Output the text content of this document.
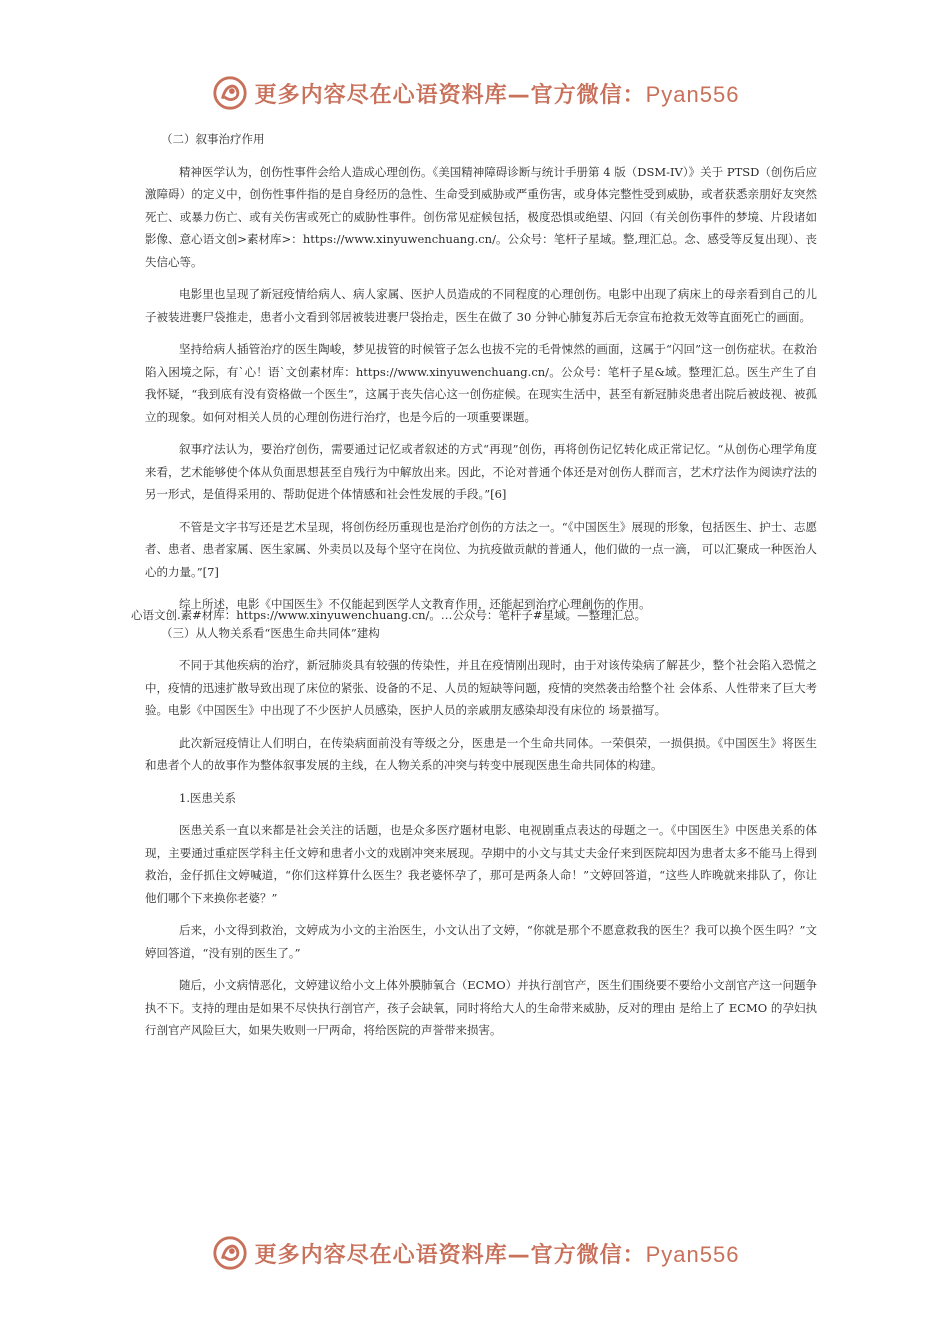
更多内容尽在心语资料库—官方微信：Pyan556
（二）叙事治疗作用
精神医学认为，创伤性事件会给人造成心理创伤。《美国精神障碍诊断与统计手册第 4 版（DSM-IV）》关于 PTSD（创伤后应激障碍）的定义中，创伤性事件指的是自身经历的急性、生命受到威胁或严重伤害，或身体完整性受到威胁，或者获悉亲朋好友突然死亡、或暴力伤亡、或有关伤害或死亡的威胁性事件。创伤常见症候包括，极度恐惧或绝望、闪回（有关创伤事件的梦境、片段诸如影像、意心语文创>素材库>：https://www.xinyuwenchuang.cn/。公众号：笔杆子星域。整,理汇总。念、感受等反复出现）、丧失信心等。
电影里也呈现了新冠疫情给病人、病人家属、医护人员造成的不同程度的心理创伤。电影中出现了病床上的母亲看到自己的儿子被装进裹尸袋推走，患者小文看到邻居被装进裹尸袋抬走，医生在做了 30 分钟心肺复苏后无奈宣布抢救无效等直面死亡的画面。
坚持给病人插管治疗的医生陶峻，梦见拔管的时候管子怎么也拔不完的毛骨悚然的画面，这属于“闪回”这一创伤症状。在救治陷入困境之际，有`心！语`文创素材库：https://www.xinyuwenchuang.cn/。公众号：笔杆子星&域。整理汇总。医生产生了自我怀疑，“我到底有没有资格做一个医生”，这属于丧失信心这一创伤症候。在现实生活中，甚至有新冠肺炎患者出院后被歧视、被孤立的现象。如何对相关人员的心理创伤进行治疗，也是今后的一项重要课题。
叙事疗法认为，要治疗创伤，需要通过记忆或者叙述的方式“再现”创伤，再将创伤记忆转化成正常记忆。“从创伤心理学角度来看，艺术能够使个体从负面思想甚至自残行为中解放出来。因此，不论对普通个体还是对创伤人群而言，艺术疗法作为阅读疗法的另一形式，是值得采用的、帮助促进个体情感和社会性发展的手段。”[6]
不管是文字书写还是艺术呈现，将创伤经历重现也是治疗创伤的方法之一。“《中国医生》展现的形象，包括医生、护士、志愿者、患者、患者家属、医生家属、外卖员以及每个坚守在岗位、为抗疫做贡献的普通人，他们做的一点一滴， 可以汇聚成一种医治人心的力量。”[7]
综上所述，电影《中国医生》不仅能起到医学人文教育作用，还能起到治疗心理創伤的作用。
心语文创.素#材库：https://www.xinyuwenchuang.cn/。…公众号：笔杆子#星域。—整理汇总。
（三）从人物关系看“医患生命共同体”建构
不同于其他疾病的治疗，新冠肺炎具有较强的传染性，并且在疫情刚出现时，由于对该传染病了解甚少，整个社会陷入恐慌之中，疫情的迅速扩散导致出现了床位的紧张、设备的不足、人员的短缺等问题，疫情的突然袭击给整个社 会体系、人性带来了巨大考验。电影《中国医生》中出现了不少医护人员感染，医护人员的亲戚朋友感染却没有床位的 场景描写。
此次新冠疫情让人们明白，在传染病面前没有等级之分，医患是一个生命共同体。一荣俱荣，一损俱损。《中国医生》将医生和患者个人的故事作为整体叙事发展的主线，在人物关系的冲突与转变中展现医患生命共同体的构建。
1.医患关系
医患关系一直以来都是社会关注的话题，也是众多医疗题材电影、电视剧重点表达的母题之一。《中国医生》中医患关系的体现，主要通过重症医学科主任文婷和患者小文的戏剧冲突来展现。孕期中的小文与其丈夫金仔来到医院却因为患者太多不能马上得到救治，金仔抓住文婷喊道，“你们这样算什么医生？我老婆怀孕了，那可是两条人命！”文婷回答道，“这些人昨晚就来排队了，你让他们哪个下来换你老婆？”
后来，小文得到救治，文婷成为小文的主治医生，小文认出了文婷，“你就是那个不愿意救我的医生？我可以换个医生吗？”文婷回答道，“没有别的医生了。”
随后，小文病情恶化，文婷建议给小文上体外膜肺氧合（ECMO）并执行剖官产，医生们围绕要不要给小文剖官产这一问题争执不下。支持的理由是如果不尽快执行剖官产，孩子会缺氧，同时将给大人的生命带来威胁，反对的理由 是给上了 ECMO 的孕妇执行剖官产风险巨大，如果失败则一尸两命，将给医院的声誉带来损害。
更多内容尽在心语资料库—官方微信：Pyan556
